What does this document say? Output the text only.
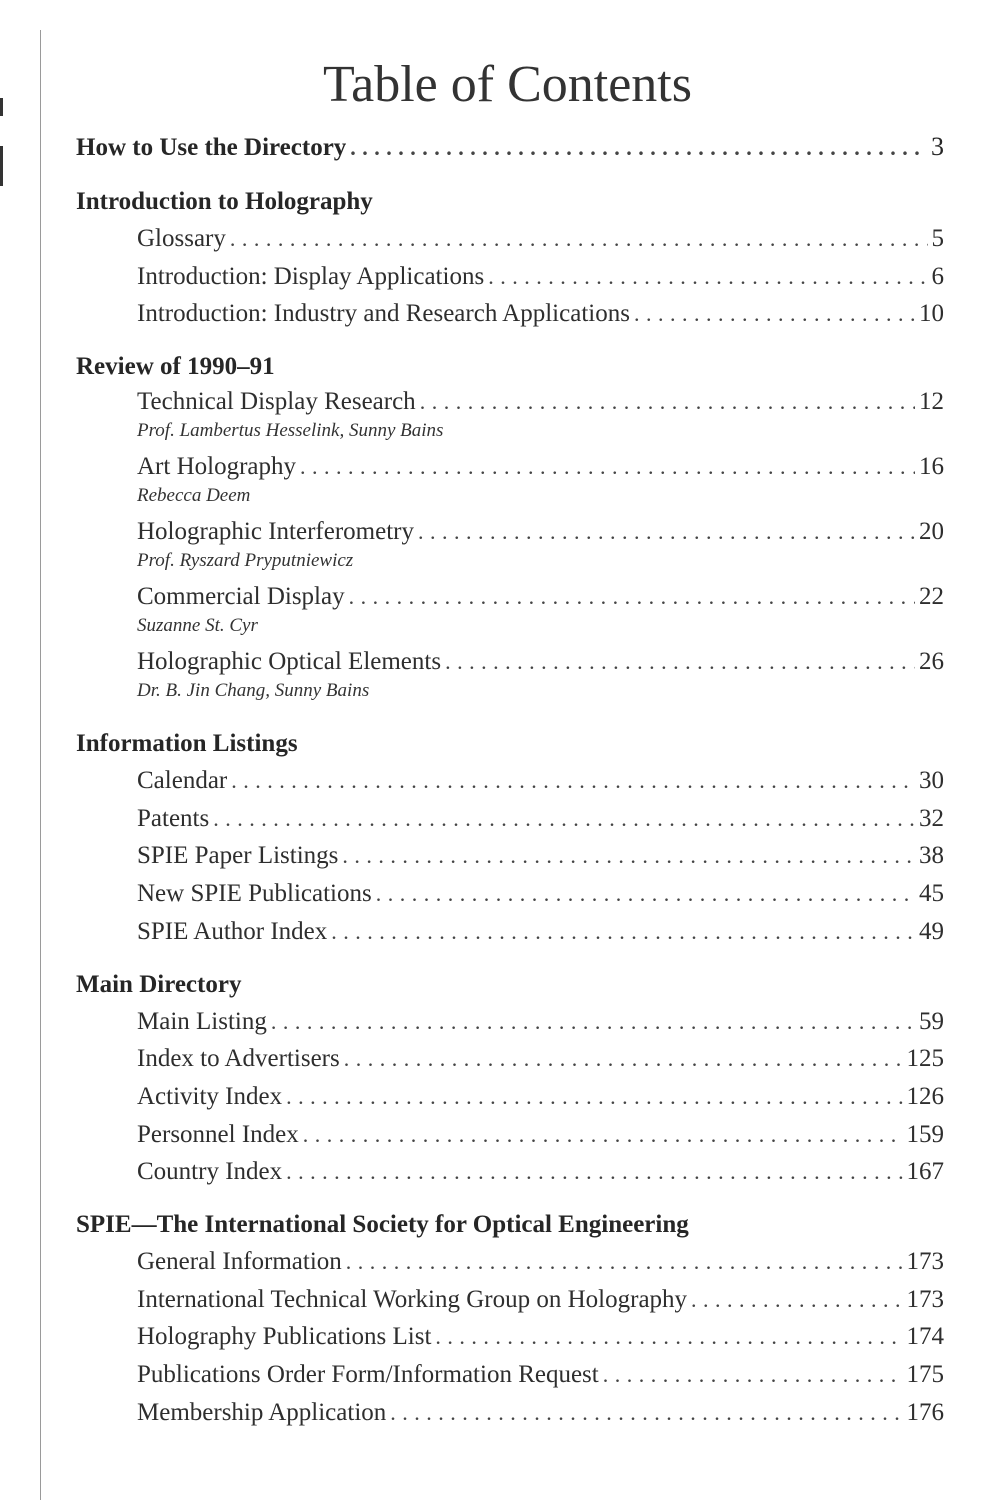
Table of Contents
How to Use the Directory . . .	3
Introduction to Holography
Glossary . . .	5
Introduction: Display Applications . . .	6
Introduction: Industry and Research Applications . . .	10
Review of 1990–91
Technical Display Research . . .	12
Prof. Lambertus Hesselink, Sunny Bains
Art Holography . . .	16
Rebecca Deem
Holographic Interferometry . . .	20
Prof. Ryszard Pryputniewicz
Commercial Display . . .	22
Suzanne St. Cyr
Holographic Optical Elements . . .	26
Dr. B. Jin Chang, Sunny Bains
Information Listings
Calendar . . .	30
Patents . . .	32
SPIE Paper Listings . . .	38
New SPIE Publications . . .	45
SPIE Author Index . . .	49
Main Directory
Main Listing . . .	59
Index to Advertisers . . .	125
Activity Index . . .	126
Personnel Index . . .	159
Country Index . . .	167
SPIE—The International Society for Optical Engineering
General Information . . .	173
International Technical Working Group on Holography . . .	173
Holography Publications List . . .	174
Publications Order Form/Information Request . . .	175
Membership Application . . .	176
